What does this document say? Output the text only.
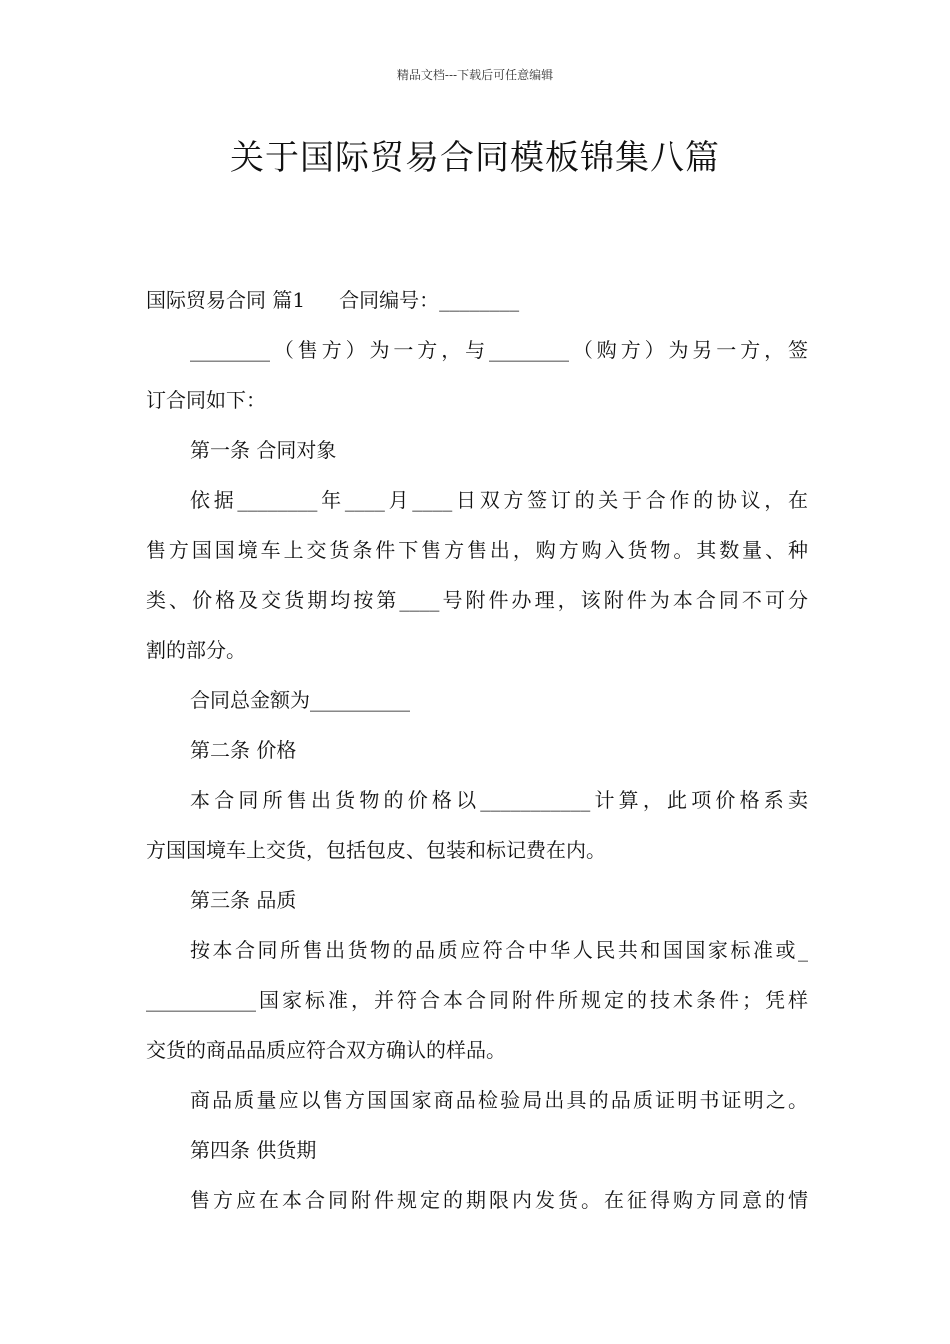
精品文档---下载后可任意编辑
关于国际贸易合同模板锦集八篇
国际贸易合同 篇1 合同编号：________
________（售方）为一方，与________（购方）为另一方，签
订合同如下：
第一条 合同对象
依据________年____月____日双方签订的关于合作的协议，在
售方国国境车上交货条件下售方售出，购方购入货物。其数量、种
类、价格及交货期均按第____号附件办理，该附件为本合同不可分
割的部分。
合同总金额为__________
第二条 价格
本合同所售出货物的价格以___________计算，此项价格系卖
方国国境车上交货，包括包皮、包装和标记费在内。
第三条 品质
按本合同所售出货物的品质应符合中华人民共和国国家标准或_
___________国家标准，并符合本合同附件所规定的技术条件；凭样
交货的商品品质应符合双方确认的样品。
商品质量应以售方国国家商品检验局出具的品质证明书证明之。
第四条 供货期
售方应在本合同附件规定的期限内发货。在征得购方同意的情
